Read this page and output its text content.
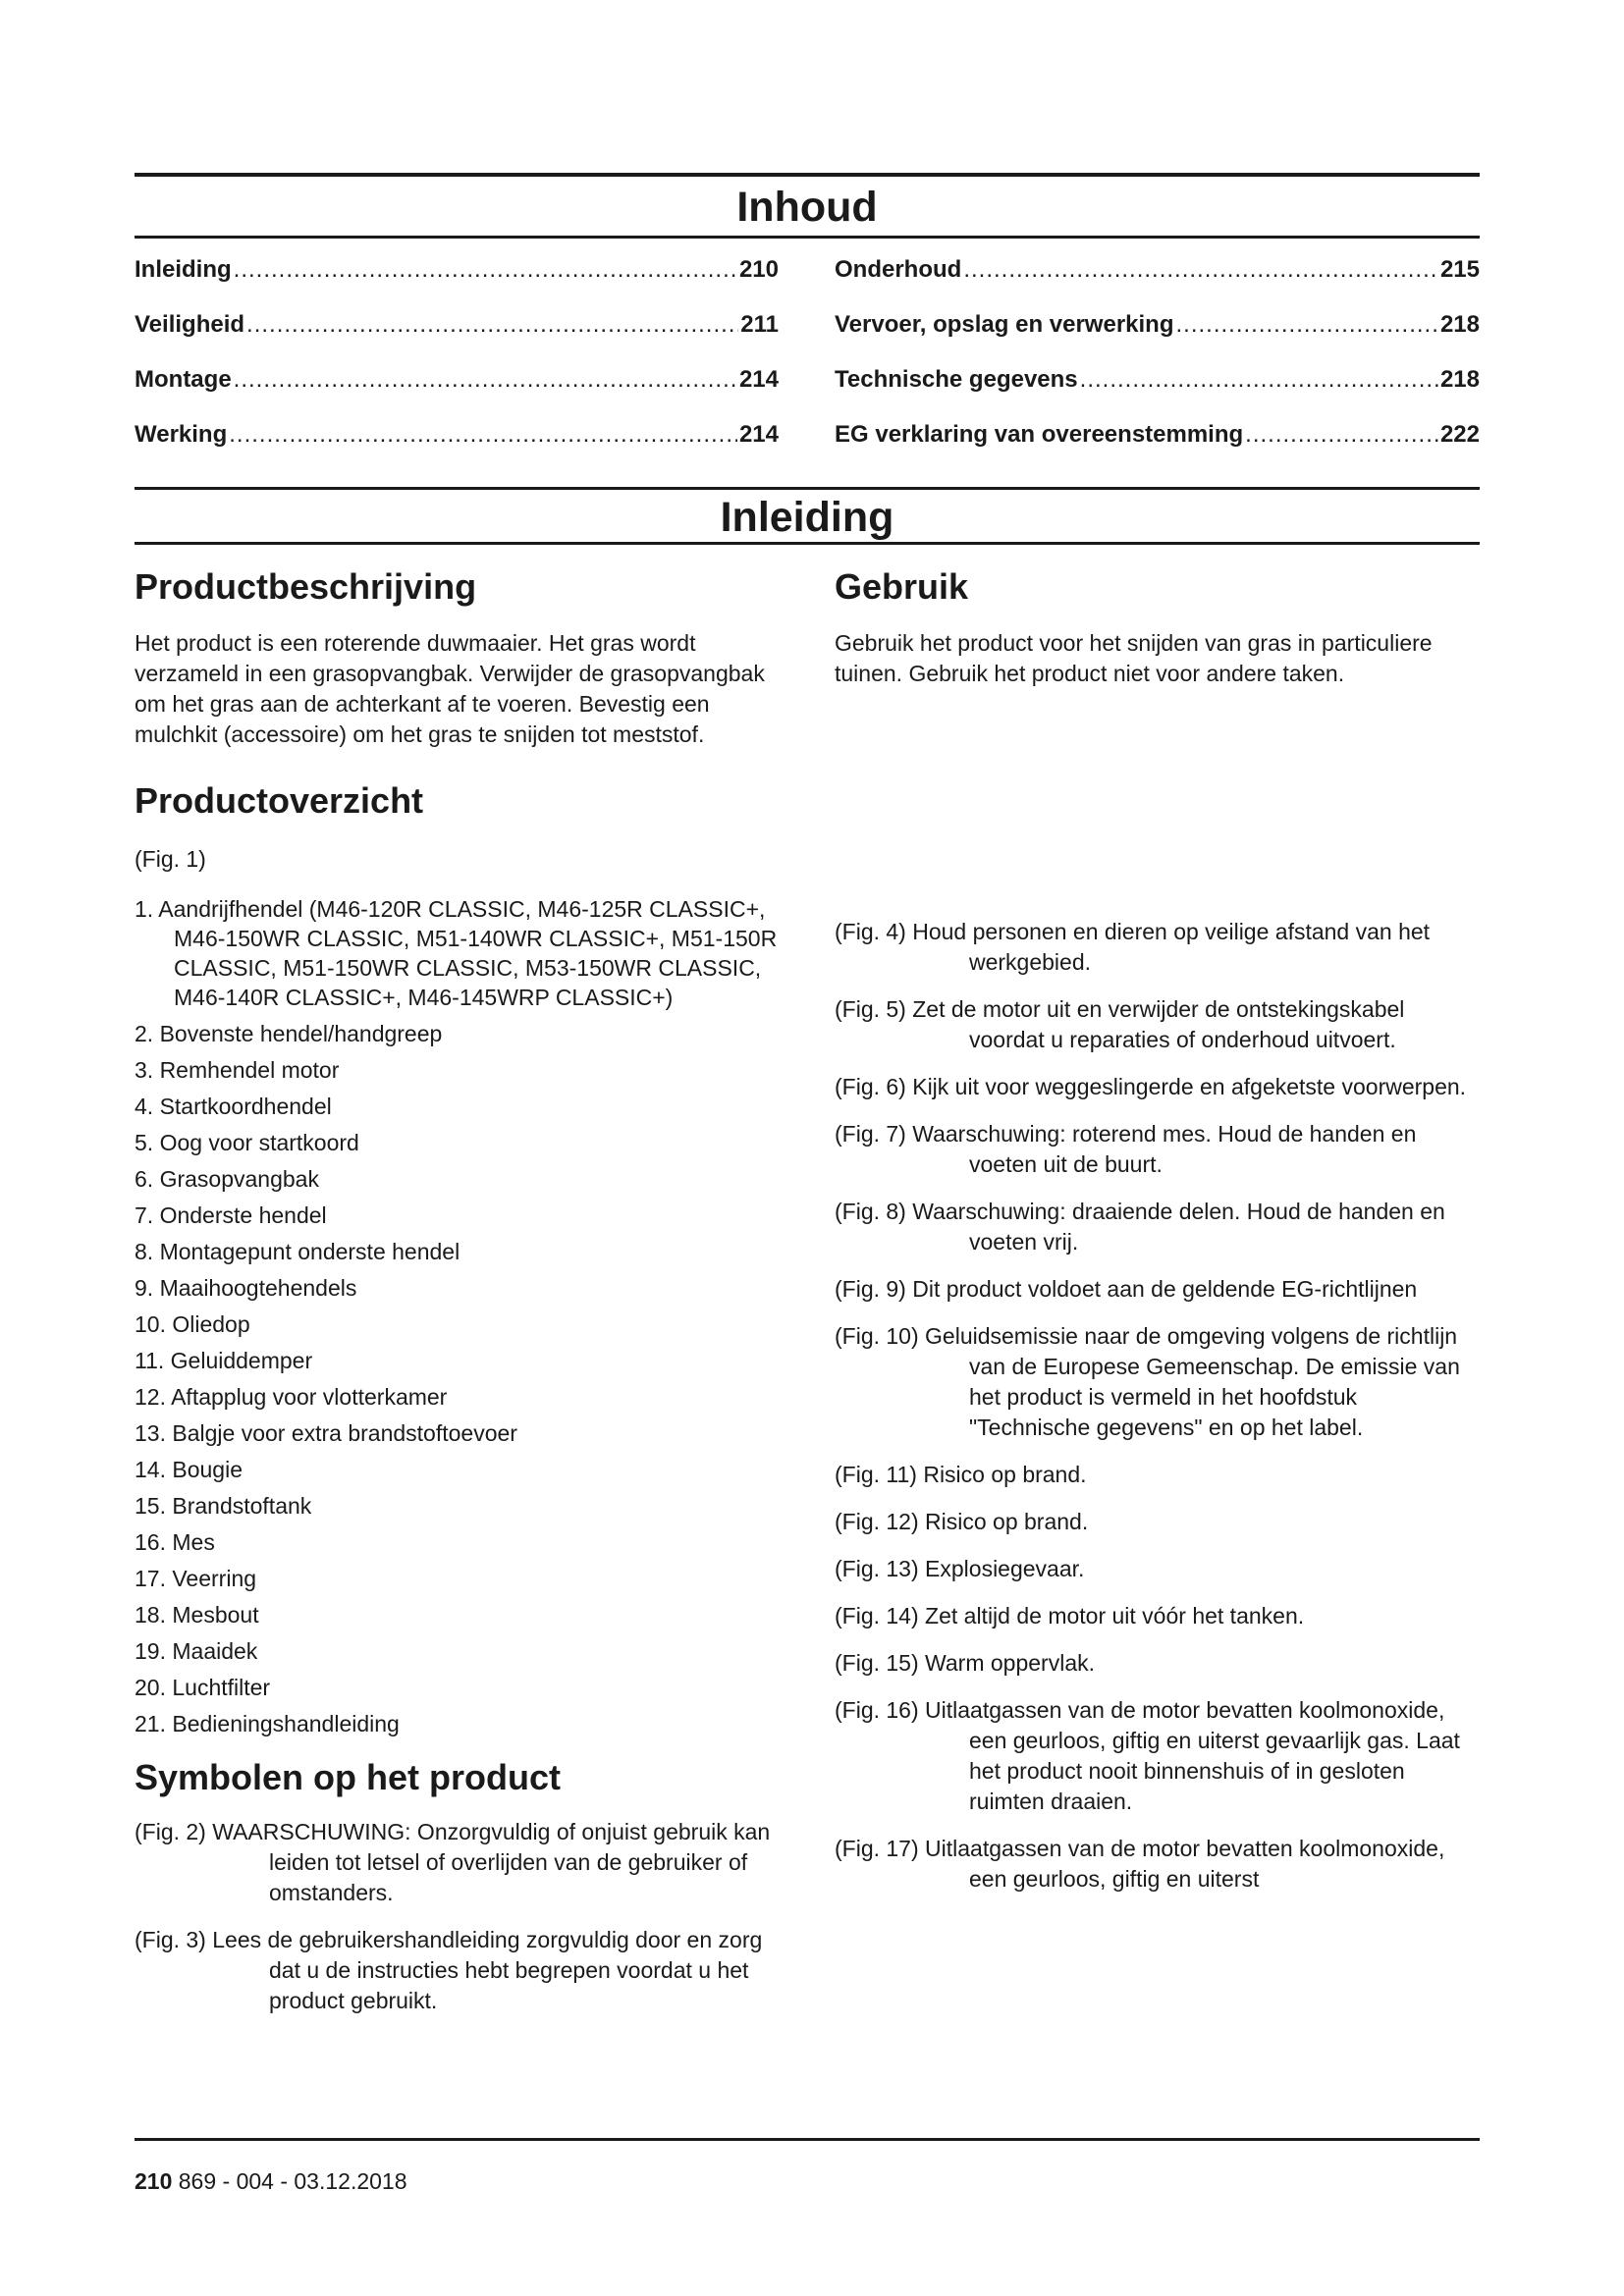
Inhoud
Inleiding .....	210
Veiligheid .....	211
Montage .....	214
Werking .....	214
Onderhoud .....	215
Vervoer, opslag en verwerking .....	218
Technische gegevens .....	218
EG verklaring van overeenstemming .....	222
Inleiding
Productbeschrijving

Het product is een roterende duwmaaier. Het gras wordt verzameld in een grasopvangbak. Verwijder de grasopvangbak om het gras aan de achterkant af te voeren. Bevestig een mulchkit (accessoire) om het gras te snijden tot meststof.

Productoverzicht
(Fig. 1)
1. Aandrijfhendel (M46-120R CLASSIC, M46-125R CLASSIC+, M46-150WR CLASSIC, M51-140WR CLASSIC+, M51-150R CLASSIC, M51-150WR CLASSIC, M53-150WR CLASSIC, M46-140R CLASSIC+, M46-145WRP CLASSIC+)
2. Bovenste hendel/handgreep
3. Remhendel motor
4. Startkoordhendel
5. Oog voor startkoord
6. Grasopvangbak
7. Onderste hendel
8. Montagepunt onderste hendel
9. Maaihoogtehendels
10. Oliedop
11. Geluiddemper
12. Aftapplug voor vlotterkamer
13. Balgje voor extra brandstoftoevoer
14. Bougie
15. Brandstoftank
16. Mes
17. Veerring
18. Mesbout
19. Maaidek
20. Luchtfilter
21. Bedieningshandleiding
Symbolen op het product
(Fig. 2) WAARSCHUWING: Onzorgvuldig of onjuist gebruik kan leiden tot letsel of overlijden van de gebruiker of omstanders.
(Fig. 3) Lees de gebruikershandleiding zorgvuldig door en zorg dat u de instructies hebt begrepen voordat u het product gebruikt.
Gebruik

Gebruik het product voor het snijden van gras in particuliere tuinen. Gebruik het product niet voor andere taken.

(Fig. 4) Houd personen en dieren op veilige afstand van het werkgebied.
(Fig. 5) Zet de motor uit en verwijder de ontstekingskabel voordat u reparaties of onderhoud uitvoert.
(Fig. 6) Kijk uit voor weggeslingerde en afgeketste voorwerpen.
(Fig. 7) Waarschuwing: roterend mes. Houd de handen en voeten uit de buurt.
(Fig. 8) Waarschuwing: draaiende delen. Houd de handen en voeten vrij.
(Fig. 9) Dit product voldoet aan de geldende EG-richtlijnen
(Fig. 10) Geluidsemissie naar de omgeving volgens de richtlijn van de Europese Gemeenschap. De emissie van het product is vermeld in het hoofdstuk "Technische gegevens" en op het label.
(Fig. 11) Risico op brand.
(Fig. 12) Risico op brand.
(Fig. 13) Explosiegevaar.
(Fig. 14) Zet altijd de motor uit vóór het tanken.
(Fig. 15) Warm oppervlak.
(Fig. 16) Uitlaatgassen van de motor bevatten koolmonoxide, een geurloos, giftig en uiterst gevaarlijk gas. Laat het product nooit binnenshuis of in gesloten ruimten draaien.
(Fig. 17) Uitlaatgassen van de motor bevatten koolmonoxide, een geurloos, giftig en uiterst
210 869 - 004 - 03.12.2018
